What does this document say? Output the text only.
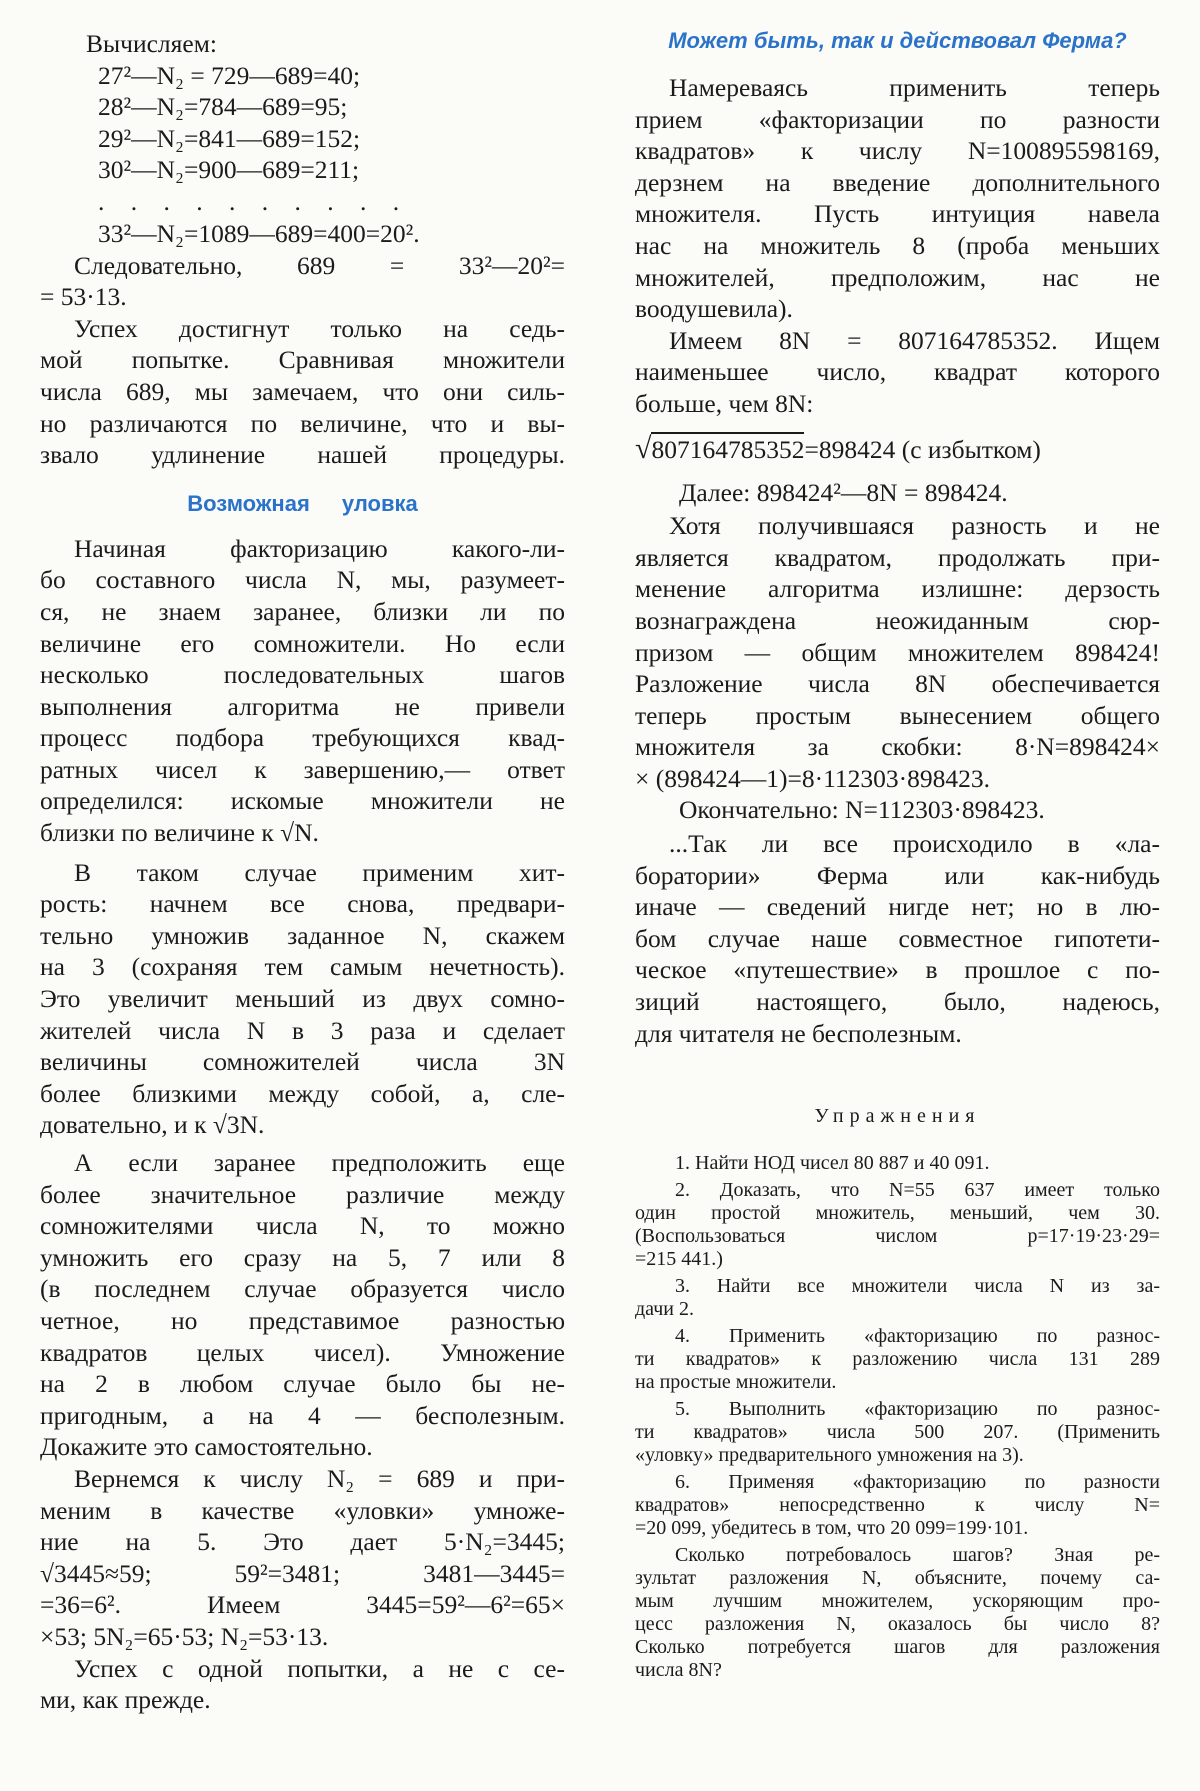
Вычисляем:

27²—N₂ = 729—689=40;

28²—N₂=784—689=95;

29²—N₂=841—689=152;

30²—N₂=900—689=211;

. . . . . . . . . .

33²—N₂=1089—689=400=20².

Следовательно, 689 = 33²—20²=

= 53·13.

Успех достигнут только на седь-

мой попытке. Сравнивая множители

числа 689, мы замечаем, что они силь-

но различаются по величине, что и вы-

звало удлинение нашей процедуры.

Возможная уловка

Начиная факторизацию какого-ли-

бо составного числа N, мы, разумеет-

ся, не знаем заранее, близки ли по

величине его сомножители. Но если

несколько последовательных шагов

выполнения алгоритма не привели

процесс подбора требующихся квад-

ратных чисел к завершению,— ответ

определился: искомые множители не

близки по величине к √N.

В таком случае применим хит-

рость: начнем все снова, предвари-

тельно умножив заданное N, скажем

на 3 (сохраняя тем самым нечетность).

Это увеличит меньший из двух сомно-

жителей числа N в 3 раза и сделает

величины сомножителей числа 3N

более близкими между собой, а, сле-

довательно, и к √3N.

А если заранее предположить еще

более значительное различие между

сомножителями числа N, то можно

умножить его сразу на 5, 7 или 8

(в последнем случае образуется число

четное, но представимое разностью

квадратов целых чисел). Умножение

на 2 в любом случае было бы не-

пригодным, а на 4 — бесполезным.

Докажите это самостоятельно.

Вернемся к числу N₂ = 689 и при-

меним в качестве «уловки» умноже-

ние на 5. Это дает 5·N₂=3445;

√3445≈59; 59²=3481; 3481—3445=

=36=6². Имеем 3445=59²—6²=65×

×53; 5N₂=65·53; N₂=53·13.

Успех с одной попытки, а не с се-

ми, как прежде.

Может быть, так и действовал Ферма?

Намереваясь применить теперь

прием «факторизации по разности

квадратов» к числу N=100895598169,

дерзнем на введение дополнительного

множителя. Пусть интуиция навела

нас на множитель 8 (проба меньших

множителей, предположим, нас не

воодушевила).

Имеем 8N = 807164785352. Ищем

наименьшее число, квадрат которого

больше, чем 8N:

√807164785352=898424 (с избытком)

Далее: 898424²—8N = 898424.

Хотя получившаяся разность и не

является квадратом, продолжать при-

менение алгоритма излишне: дерзость

вознаграждена неожиданным сюр-

призом — общим множителем 898424!

Разложение числа 8N обеспечивается

теперь простым вынесением общего

множителя за скобки: 8·N=898424×

× (898424—1)=8·112303·898423.

Окончательно: N=112303·898423.

...Так ли все происходило в «ла-

боратории» Ферма или как-нибудь

иначе — сведений нигде нет; но в лю-

бом случае наше совместное гипотети-

ческое «путешествие» в прошлое с по-

зиций настоящего, было, надеюсь,

для читателя не бесполезным.

Упражнения

1. Найти НОД чисел 80 887 и 40 091.

2. Доказать, что N=55 637 имеет только

один простой множитель, меньший, чем 30.

(Воспользоваться числом p=17·19·23·29=

=215 441.)

3. Найти все множители числа N из за-

дачи 2.

4. Применить «факторизацию по разнос-

ти квадратов» к разложению числа 131 289

на простые множители.

5. Выполнить «факторизацию по разнос-

ти квадратов» числа 500 207. (Применить

«уловку» предварительного умножения на 3).

6. Применяя «факторизацию по разности

квадратов» непосредственно к числу N=

=20 099, убедитесь в том, что 20 099=199·101.

Сколько потребовалось шагов? Зная ре-

зультат разложения N, объясните, почему са-

мым лучшим множителем, ускоряющим про-

цесс разложения N, оказалось бы число 8?

Сколько потребуется шагов для разложения

числа 8N?
